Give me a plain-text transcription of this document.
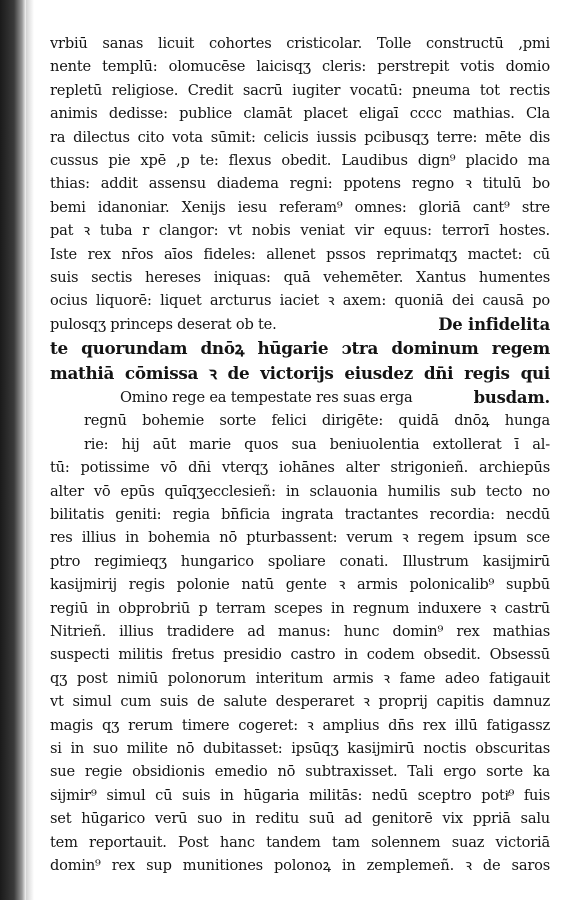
vrbiū sanas licuit cohortes cristicolar. Tolle constructū ,pmi
nente templū: olomucēse laicisqʒ cleris: perstrepit votis domio
repletū religiose. Credit sacrū iugiter vocatū: pneuma tot rectis
animis dedisse: publice clamāt placet eligaī cccc mathias. Cla
ra dilectus cito vota sūmit: celicis iussis pcibusqʒ terre: mēte dis
cussus pie xpē ,p te: flexus obedit. Laudibus dign⁹ placido ma
thias: addit assensu diadema regni: ppotens regno ꝛ titulū bo
bemi idanoniar. Xenijs iesu referam⁹ omnes: gloriā cant⁹ stre
pat ꝛ tuba r clangor: vt nobis veniat vir equus: terrorī hostes.
Iste rex nr̄os aīos fideles: allenet pssos reprimatqʒ mactet: cū
suis sectis hereses iniquas: quā vehemēter. Xantus humentes
ocius liquorē: liquet arcturus iaciet ꝛ axem: quoniā dei causā po
pulosqʒ princeps deserat ob te.	De infidelita
te quorundam dnōꝝ hūgarie ɔtra dominum regem
mathiā cōmissa ꝛ de victorijs eiusdez dn̄i regis qui
Omino rege ea tempestate res suas erga	busdam.
regnū bohemie sorte felici dirigēte: quidā dnōꝝ hunga
rie: hij aūt marie quos sua beniuolentia extollerat ī al-
tū: potissime vō dn̄i vterqʒ iohānes alter strigonieñ. archiepūs
alter vō epūs quīqʒecclesieñ: in sclauonia humilis sub tecto no
bilitatis geniti: regia bn̄ficia ingrata tractantes recordia: necdū
res illius in bohemia nō pturbassent: verum ꝛ regem ipsum sce
ptro regimieqʒ hungarico spoliare conati. Illustrum kasijmirū
kasijmirij regis polonie natū gente ꝛ armis polonicalib⁹ supbū
regiū in obprobriū p terram scepes in regnum induxere ꝛ castrū
Nitrieñ. illius tradidere ad manus: hunc domin⁹ rex mathias
suspecti militis fretus presidio castro in codem obsedit. Obsessū
qʒ post nimiū polonorum interitum armis ꝛ fame adeo fatigauit
vt simul cum suis de salute desperaret ꝛ proprij capitis damnuz
magis qʒ rerum timere cogeret: ꝛ amplius dn̄s rex illū fatigassz
si in suo milite nō dubitasset: ipsūqʒ kasijmirū noctis obscuritas
sue regie obsidionis emedio nō subtraxisset. Tali ergo sorte ka
sijmir⁹ simul cū suis in hūgaria militās: nedū sceptro potiͬ⁹ fuis
set hūgarico verū suo in reditu suū ad genitorē vix ppriā salu
tem reportauit. Post hanc tandem tam solennem suaz victoriā
domin⁹ rex sup munitiones polonoꝝ in zemplemeñ. ꝛ de saros
